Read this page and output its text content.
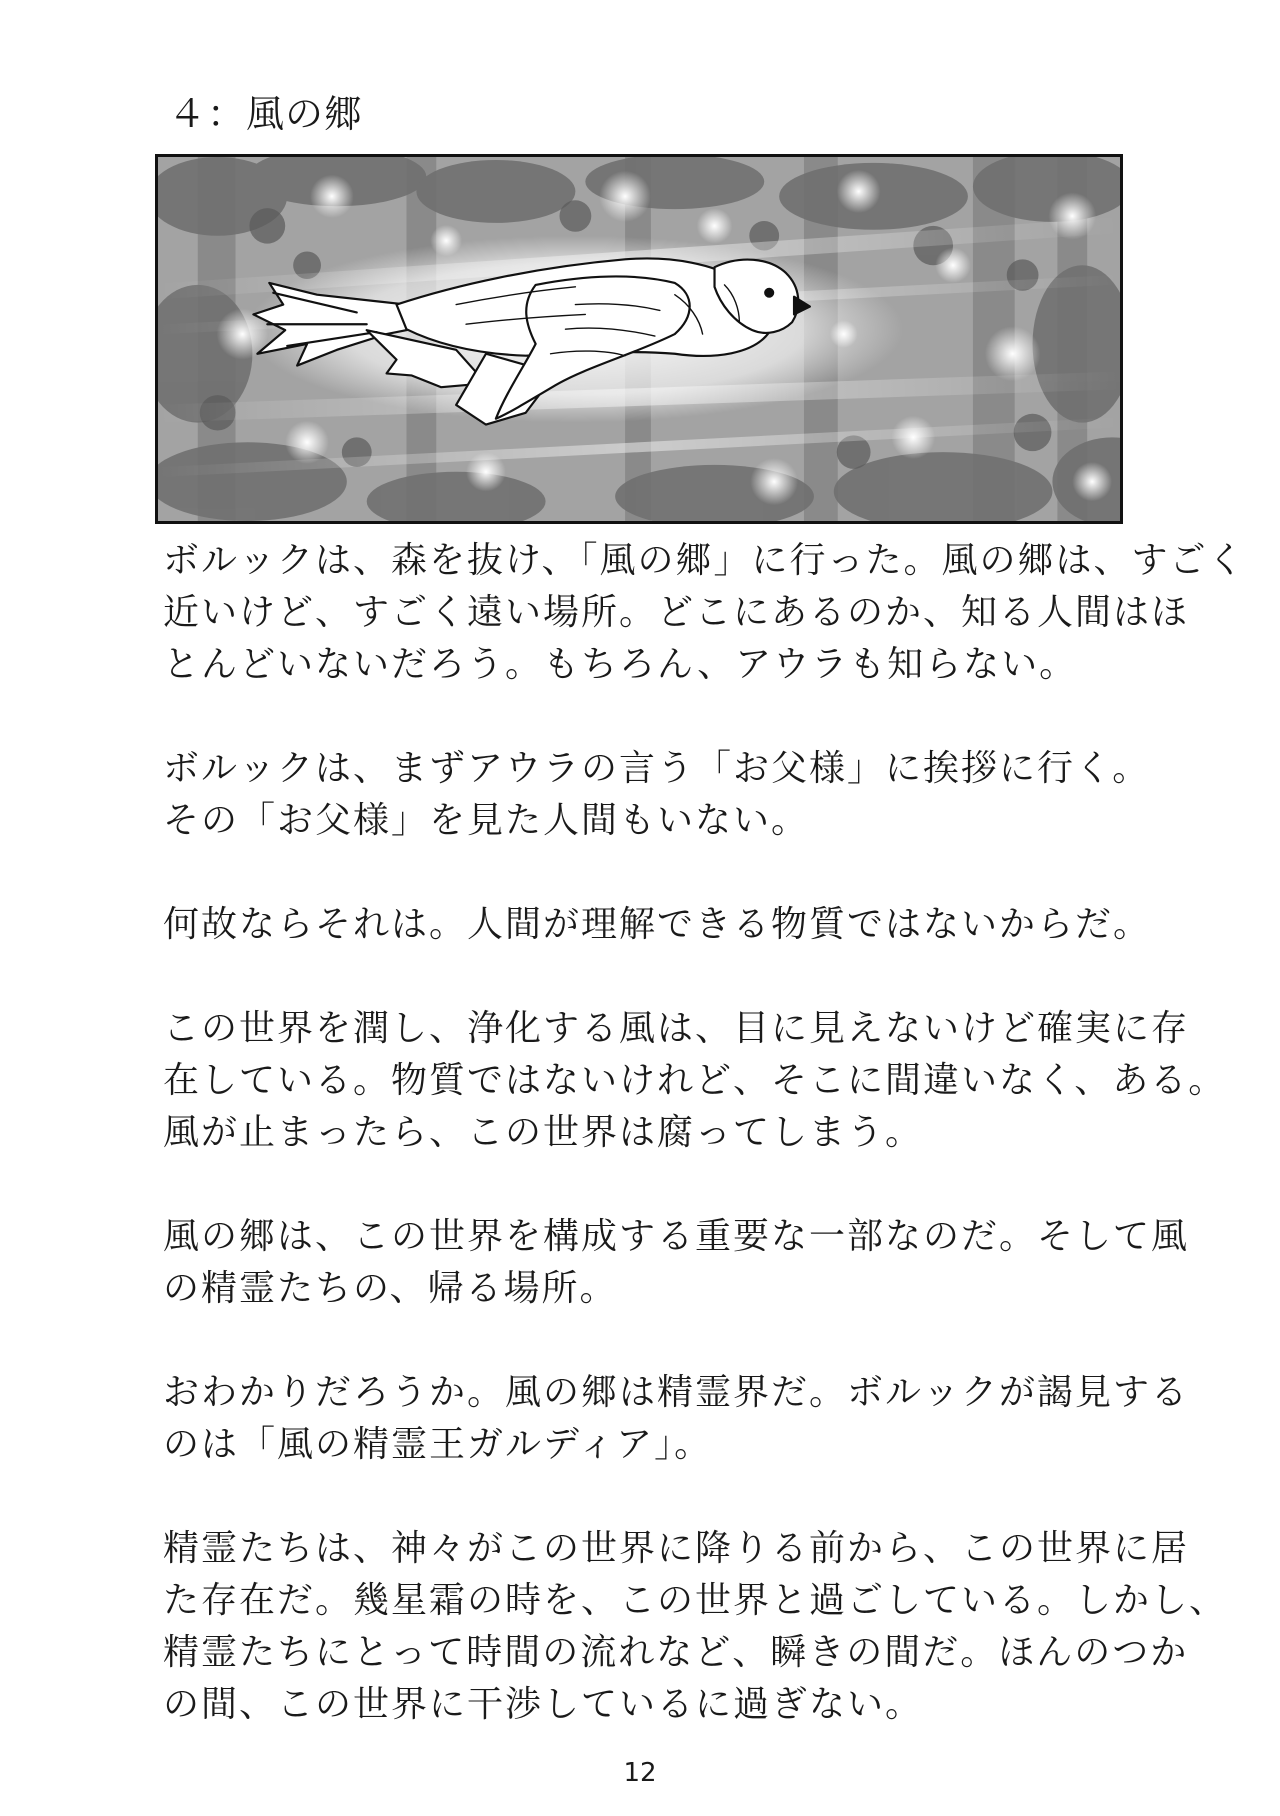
４：風の郷

ボルックは、森を抜け、「風の郷」に行った。風の郷は、すごく
近いけど、すごく遠い場所。どこにあるのか、知る人間はほ
とんどいないだろう。もちろん、アウラも知らない。

ボルックは、まずアウラの言う「お父様」に挨拶に行く。
その「お父様」を見た人間もいない。

何故ならそれは。人間が理解できる物質ではないからだ。

この世界を潤し、浄化する風は、目に見えないけど確実に存
在している。物質ではないけれど、そこに間違いなく、ある。
風が止まったら、この世界は腐ってしまう。

風の郷は、この世界を構成する重要な一部なのだ。そして風
の精霊たちの、帰る場所。

おわかりだろうか。風の郷は精霊界だ。ボルックが謁見する
のは「風の精霊王ガルディア」。

精霊たちは、神々がこの世界に降りる前から、この世界に居
た存在だ。幾星霜の時を、この世界と過ごしている。しかし、
精霊たちにとって時間の流れなど、瞬きの間だ。ほんのつか
の間、この世界に干渉しているに過ぎない。

12
